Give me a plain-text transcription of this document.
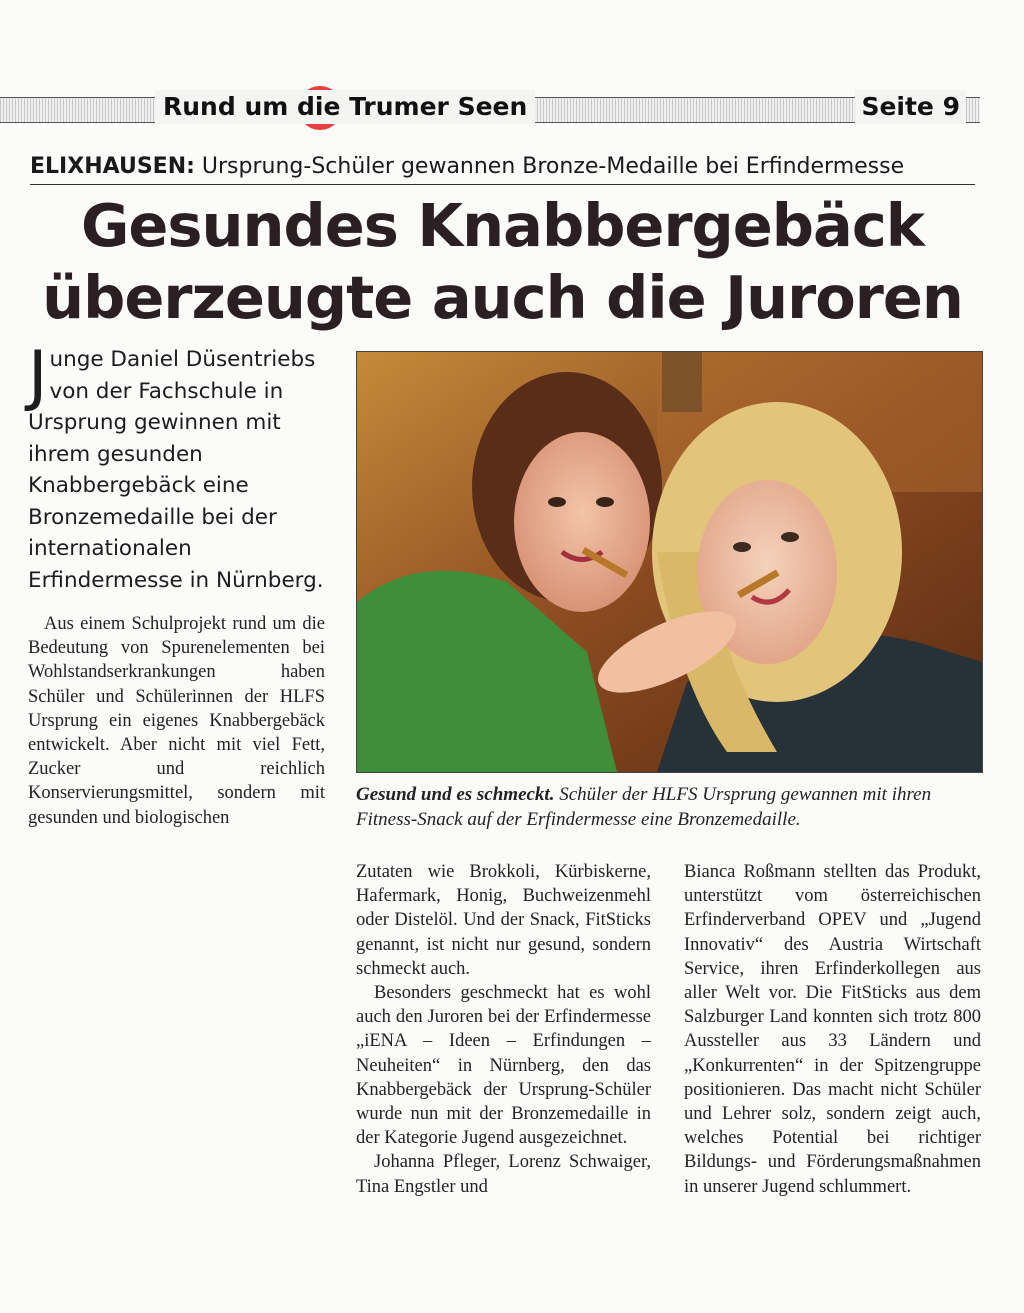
Rund um die Trumer Seen	Seite 9
ELIXHAUSEN: Ursprung-Schüler gewannen Bronze-Medaille bei Erfindermesse
Gesundes Knabbergebäck
überzeugte auch die Juroren

Junge Daniel Düsentriebs von der Fachschule in Ursprung gewinnen mit ihrem gesunden Knabbergebäck eine Bronzemedaille bei der internationalen Erfindermesse in Nürnberg.

Aus einem Schulprojekt rund um die Bedeutung von Spurenelementen bei Wohlstandserkrankungen haben Schüler und Schülerinnen der HLFS Ursprung ein eigenes Knabbergebäck entwickelt. Aber nicht mit viel Fett, Zucker und reichlich Konservierungsmittel, sondern mit gesunden und biologischen

Gesund und es schmeckt. Schüler der HLFS Ursprung gewannen mit ihren Fitness-Snack auf der Erfindermesse eine Bronzemedaille.

Zutaten wie Brokkoli, Kürbiskerne, Hafermark, Honig, Buchweizenmehl oder Distelöl. Und der Snack, FitSticks genannt, ist nicht nur gesund, sondern schmeckt auch.

Besonders geschmeckt hat es wohl auch den Juroren bei der Erfindermesse „iENA – Ideen – Erfindungen – Neuheiten“ in Nürnberg, den das Knabbergebäck der Ursprung-Schüler wurde nun mit der Bronzemedaille in der Kategorie Jugend ausgezeichnet.

Johanna Pfleger, Lorenz Schwaiger, Tina Engstler und

Bianca Roßmann stellten das Produkt, unterstützt vom österreichischen Erfinderverband OPEV und „Jugend Innovativ“ des Austria Wirtschaft Service, ihren Erfinderkollegen aus aller Welt vor. Die FitSticks aus dem Salzburger Land konnten sich trotz 800 Aussteller aus 33 Ländern und „Konkurrenten“ in der Spitzengruppe positionieren. Das macht nicht Schüler und Lehrer solz, sondern zeigt auch, welches Potential bei richtiger Bildungs- und Förderungsmaßnahmen in unserer Jugend schlummert.
